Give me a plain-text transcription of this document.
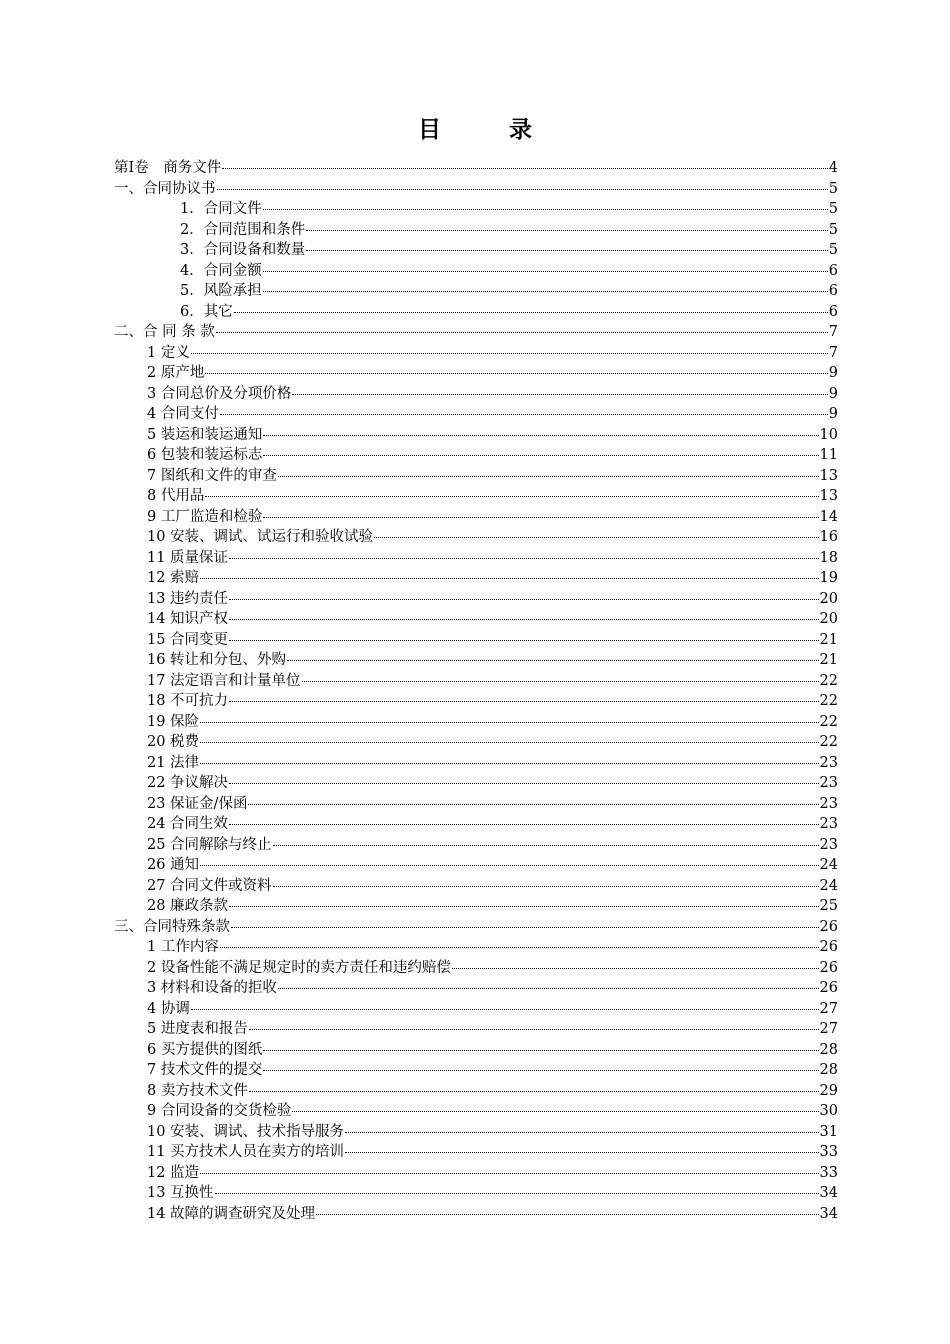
目 录
第Ⅰ卷　商务文件	4
一、合同协议书	5
1．合同文件	5
2．合同范围和条件	5
3．合同设备和数量	5
4．合同金额	6
5．风险承担	6
6．其它	6
二、合 同 条 款	7
1 定义	7
2 原产地	9
3 合同总价及分项价格	9
4 合同支付	9
5 装运和装运通知	10
6 包装和装运标志	11
7 图纸和文件的审查	13
8 代用品	13
9 工厂监造和检验	14
10 安装、调试、试运行和验收试验	16
11 质量保证	18
12 索赔	19
13 违约责任	20
14 知识产权	20
15 合同变更	21
16 转让和分包、外购	21
17 法定语言和计量单位	22
18 不可抗力	22
19 保险	22
20 税费	22
21 法律	23
22 争议解决	23
23 保证金/保函	23
24 合同生效	23
25 合同解除与终止	23
26 通知	24
27 合同文件或资料	24
28 廉政条款	25
三、合同特殊条款	26
1 工作内容	26
2 设备性能不满足规定时的卖方责任和违约赔偿	26
3 材料和设备的拒收	26
4 协调	27
5 进度表和报告	27
6 买方提供的图纸	28
7 技术文件的提交	28
8 卖方技术文件	29
9 合同设备的交货检验	30
10 安装、调试、技术指导服务	31
11 买方技术人员在卖方的培训	33
12 监造	33
13 互换性	34
14 故障的调查研究及处理	34
